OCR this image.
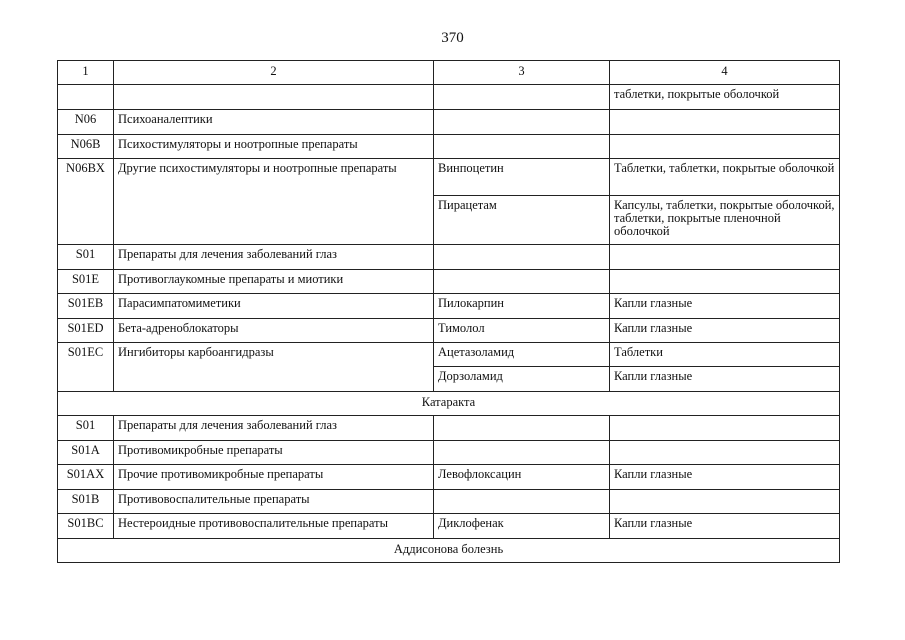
370
1	2	3	4
			таблетки, покрытые оболочкой
N06	Психоаналептики		
N06B	Психостимуляторы и ноотропные препараты		
N06BX	Другие психостимуляторы и ноотропные препараты	Винпоцетин	Таблетки, таблетки, покрытые оболочкой
		Пирацетам	Капсулы, таблетки, покрытые оболочкой, таблетки, покрытые пленочной оболочкой
S01	Препараты для лечения заболеваний глаз		
S01E	Противоглаукомные препараты и миотики		
S01EB	Парасимпатомиметики	Пилокарпин	Капли глазные
S01ED	Бета-адреноблокаторы	Тимолол	Капли глазные
S01EC	Ингибиторы карбоангидразы	Ацетазоламид	Таблетки
		Дорзоламид	Капли глазные
Катаракта			
S01	Препараты для лечения заболеваний глаз		
S01A	Противомикробные препараты		
S01AX	Прочие противомикробные препараты	Левофлоксацин	Капли глазные
S01B	Противовоспалительные препараты		
S01BC	Нестероидные противовоспалительные препараты	Диклофенак	Капли глазные
Аддисонова болезнь			
